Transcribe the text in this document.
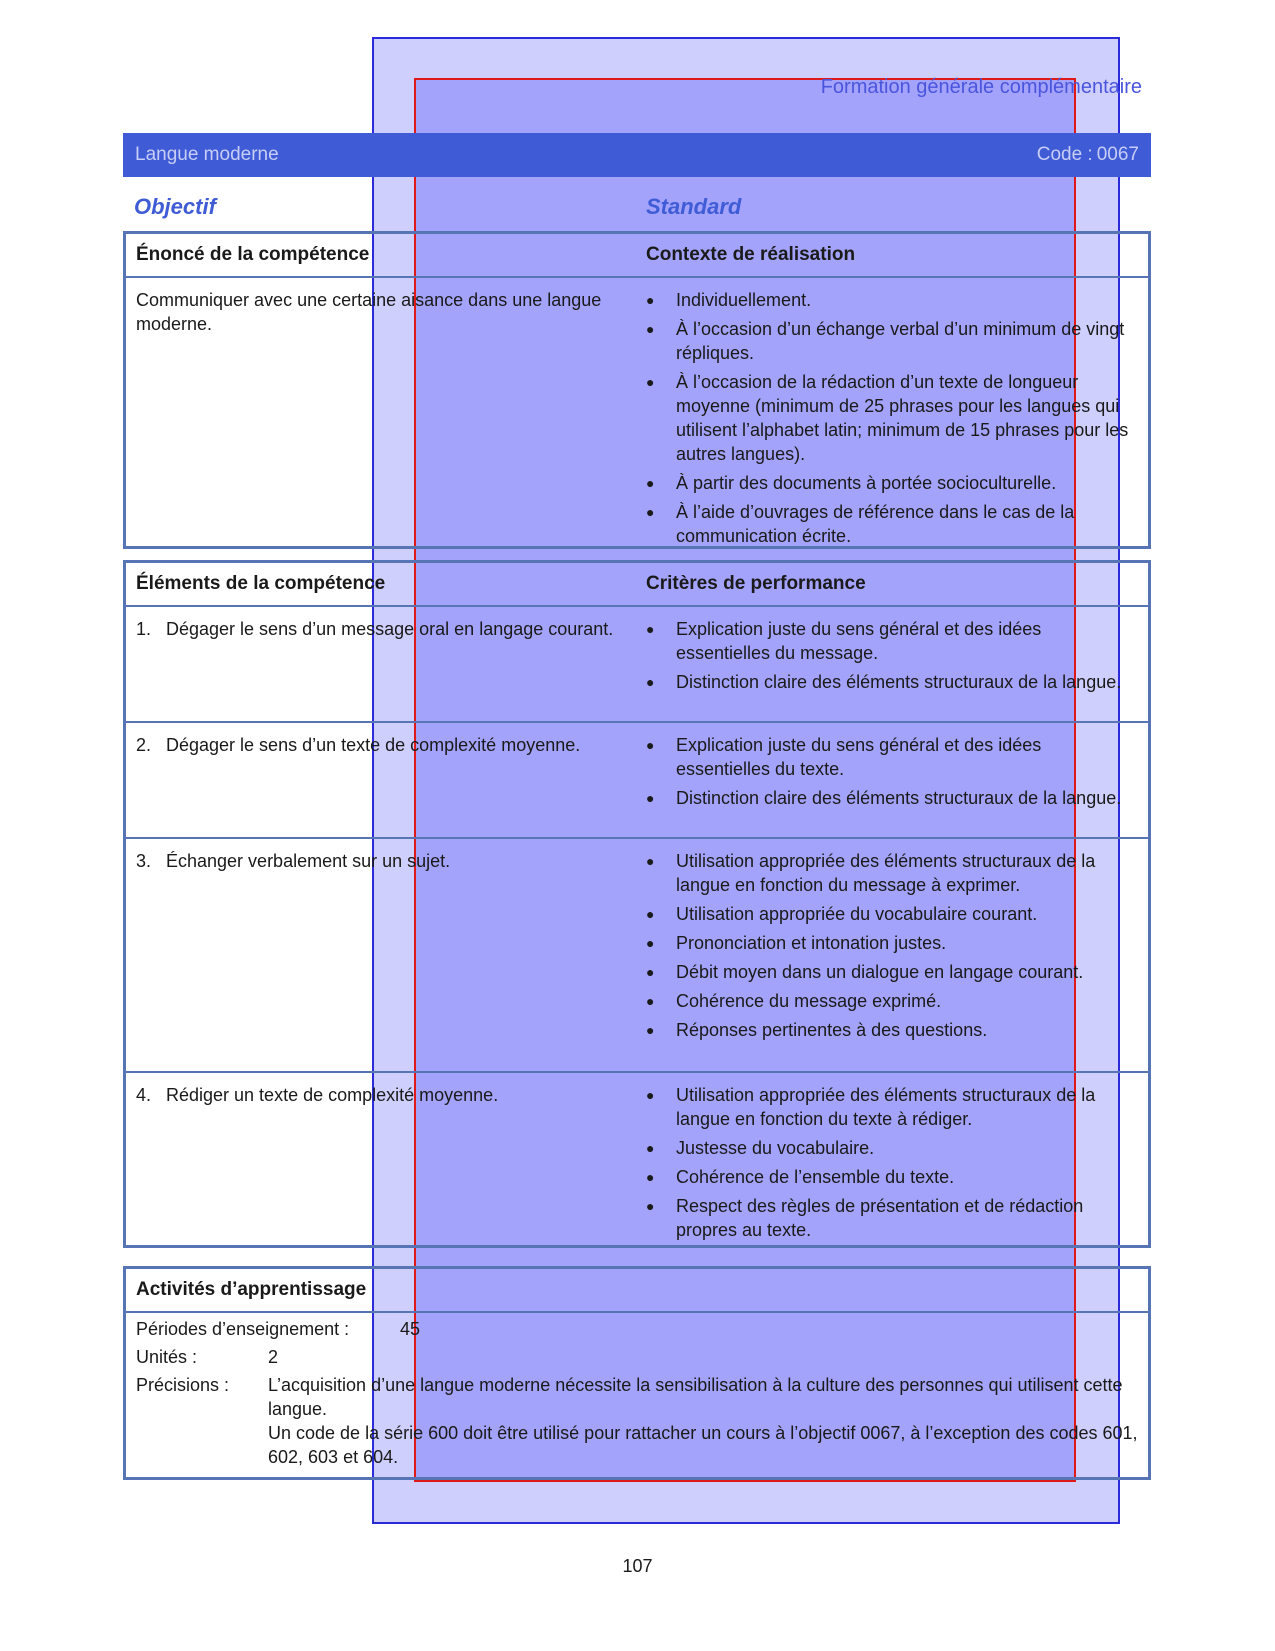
Formation générale complémentaire
Langue moderne	Code : 0067
Objectif	Standard
Énoncé de la compétence	Contexte de réalisation
Communiquer avec une certaine aisance dans une langue moderne.
●	Individuellement.
●	À l’occasion d’un échange verbal d’un minimum de vingt répliques.
●	À l’occasion de la rédaction d’un texte de longueur moyenne (minimum de 25 phrases pour les langues qui utilisent l’alphabet latin; minimum de 15 phrases pour les autres langues).
●	À partir des documents à portée socioculturelle.
●	À l’aide d’ouvrages de référence dans le cas de la communication écrite.
Éléments de la compétence	Critères de performance
1. Dégager le sens d’un message oral en langage courant. ●	Explication juste du sens général et des idées essentielles du message.
●	Distinction claire des éléments structuraux de la langue.
2. Dégager le sens d’un texte de complexité moyenne.	●	Explication juste du sens général et des idées essentielles du texte.
●	Distinction claire des éléments structuraux de la langue.
3. Échanger verbalement sur un sujet.	●	Utilisation appropriée des éléments structuraux de la langue en fonction du message à exprimer.
●	Utilisation appropriée du vocabulaire courant.
●	Prononciation et intonation justes.
●	Débit moyen dans un dialogue en langage courant.
●	Cohérence du message exprimé.
●	Réponses pertinentes à des questions.
4. Rédiger un texte de complexité moyenne.	●	Utilisation appropriée des éléments structuraux de la langue en fonction du texte à rédiger.
●	Justesse du vocabulaire.
●	Cohérence de l’ensemble du texte.
●	Respect des règles de présentation et de rédaction propres au texte.
Activités d’apprentissage
Périodes d’enseignement :	45
Unités :	2
Précisions :	L’acquisition d’une langue moderne nécessite la sensibilisation à la culture des personnes qui utilisent cette langue.

Un code de la série 600 doit être utilisé pour rattacher un cours à l’objectif 0067, à l’exception des codes 601, 602, 603 et 604.

107
